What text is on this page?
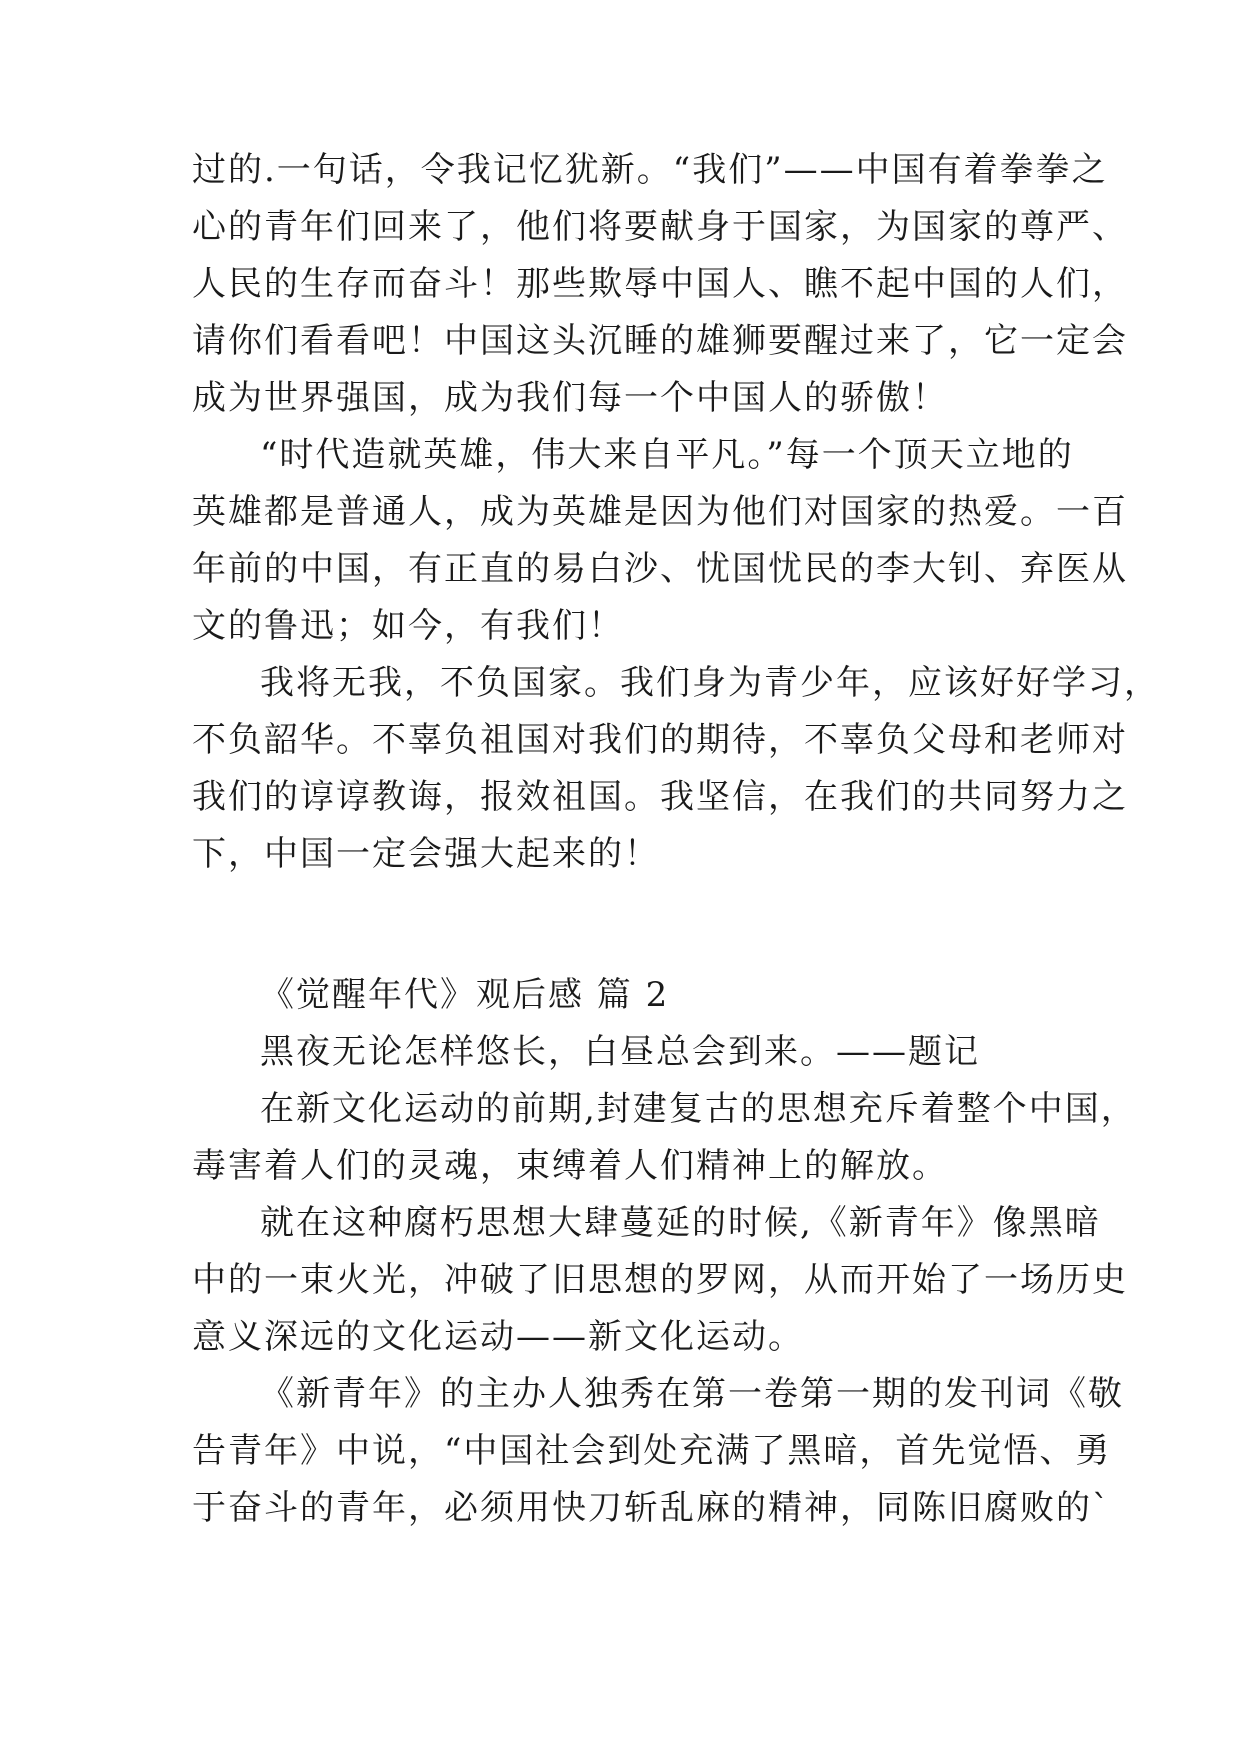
过的.一句话，令我记忆犹新。“我们”——中国有着拳拳之
心的青年们回来了，他们将要献身于国家，为国家的尊严、
人民的生存而奋斗！那些欺辱中国人、瞧不起中国的人们，
请你们看看吧！中国这头沉睡的雄狮要醒过来了，它一定会
成为世界强国，成为我们每一个中国人的骄傲！
“时代造就英雄，伟大来自平凡。”每一个顶天立地的
英雄都是普通人，成为英雄是因为他们对国家的热爱。一百
年前的中国，有正直的易白沙、忧国忧民的李大钊、弃医从
文的鲁迅；如今，有我们！
我将无我，不负国家。我们身为青少年，应该好好学习，
不负韶华。不辜负祖国对我们的期待，不辜负父母和老师对
我们的谆谆教诲，报效祖国。我坚信，在我们的共同努力之
下，中国一定会强大起来的！
《觉醒年代》观后感 篇 2
黑夜无论怎样悠长，白昼总会到来。——题记
在新文化运动的前期,封建复古的思想充斥着整个中国，
毒害着人们的灵魂，束缚着人们精神上的解放。
就在这种腐朽思想大肆蔓延的时候,《新青年》像黑暗
中的一束火光，冲破了旧思想的罗网，从而开始了一场历史
意义深远的文化运动——新文化运动。
《新青年》的主办人独秀在第一卷第一期的发刊词《敬
告青年》中说，“中国社会到处充满了黑暗，首先觉悟、勇
于奋斗的青年，必须用快刀斩乱麻的精神，同陈旧腐败的`
